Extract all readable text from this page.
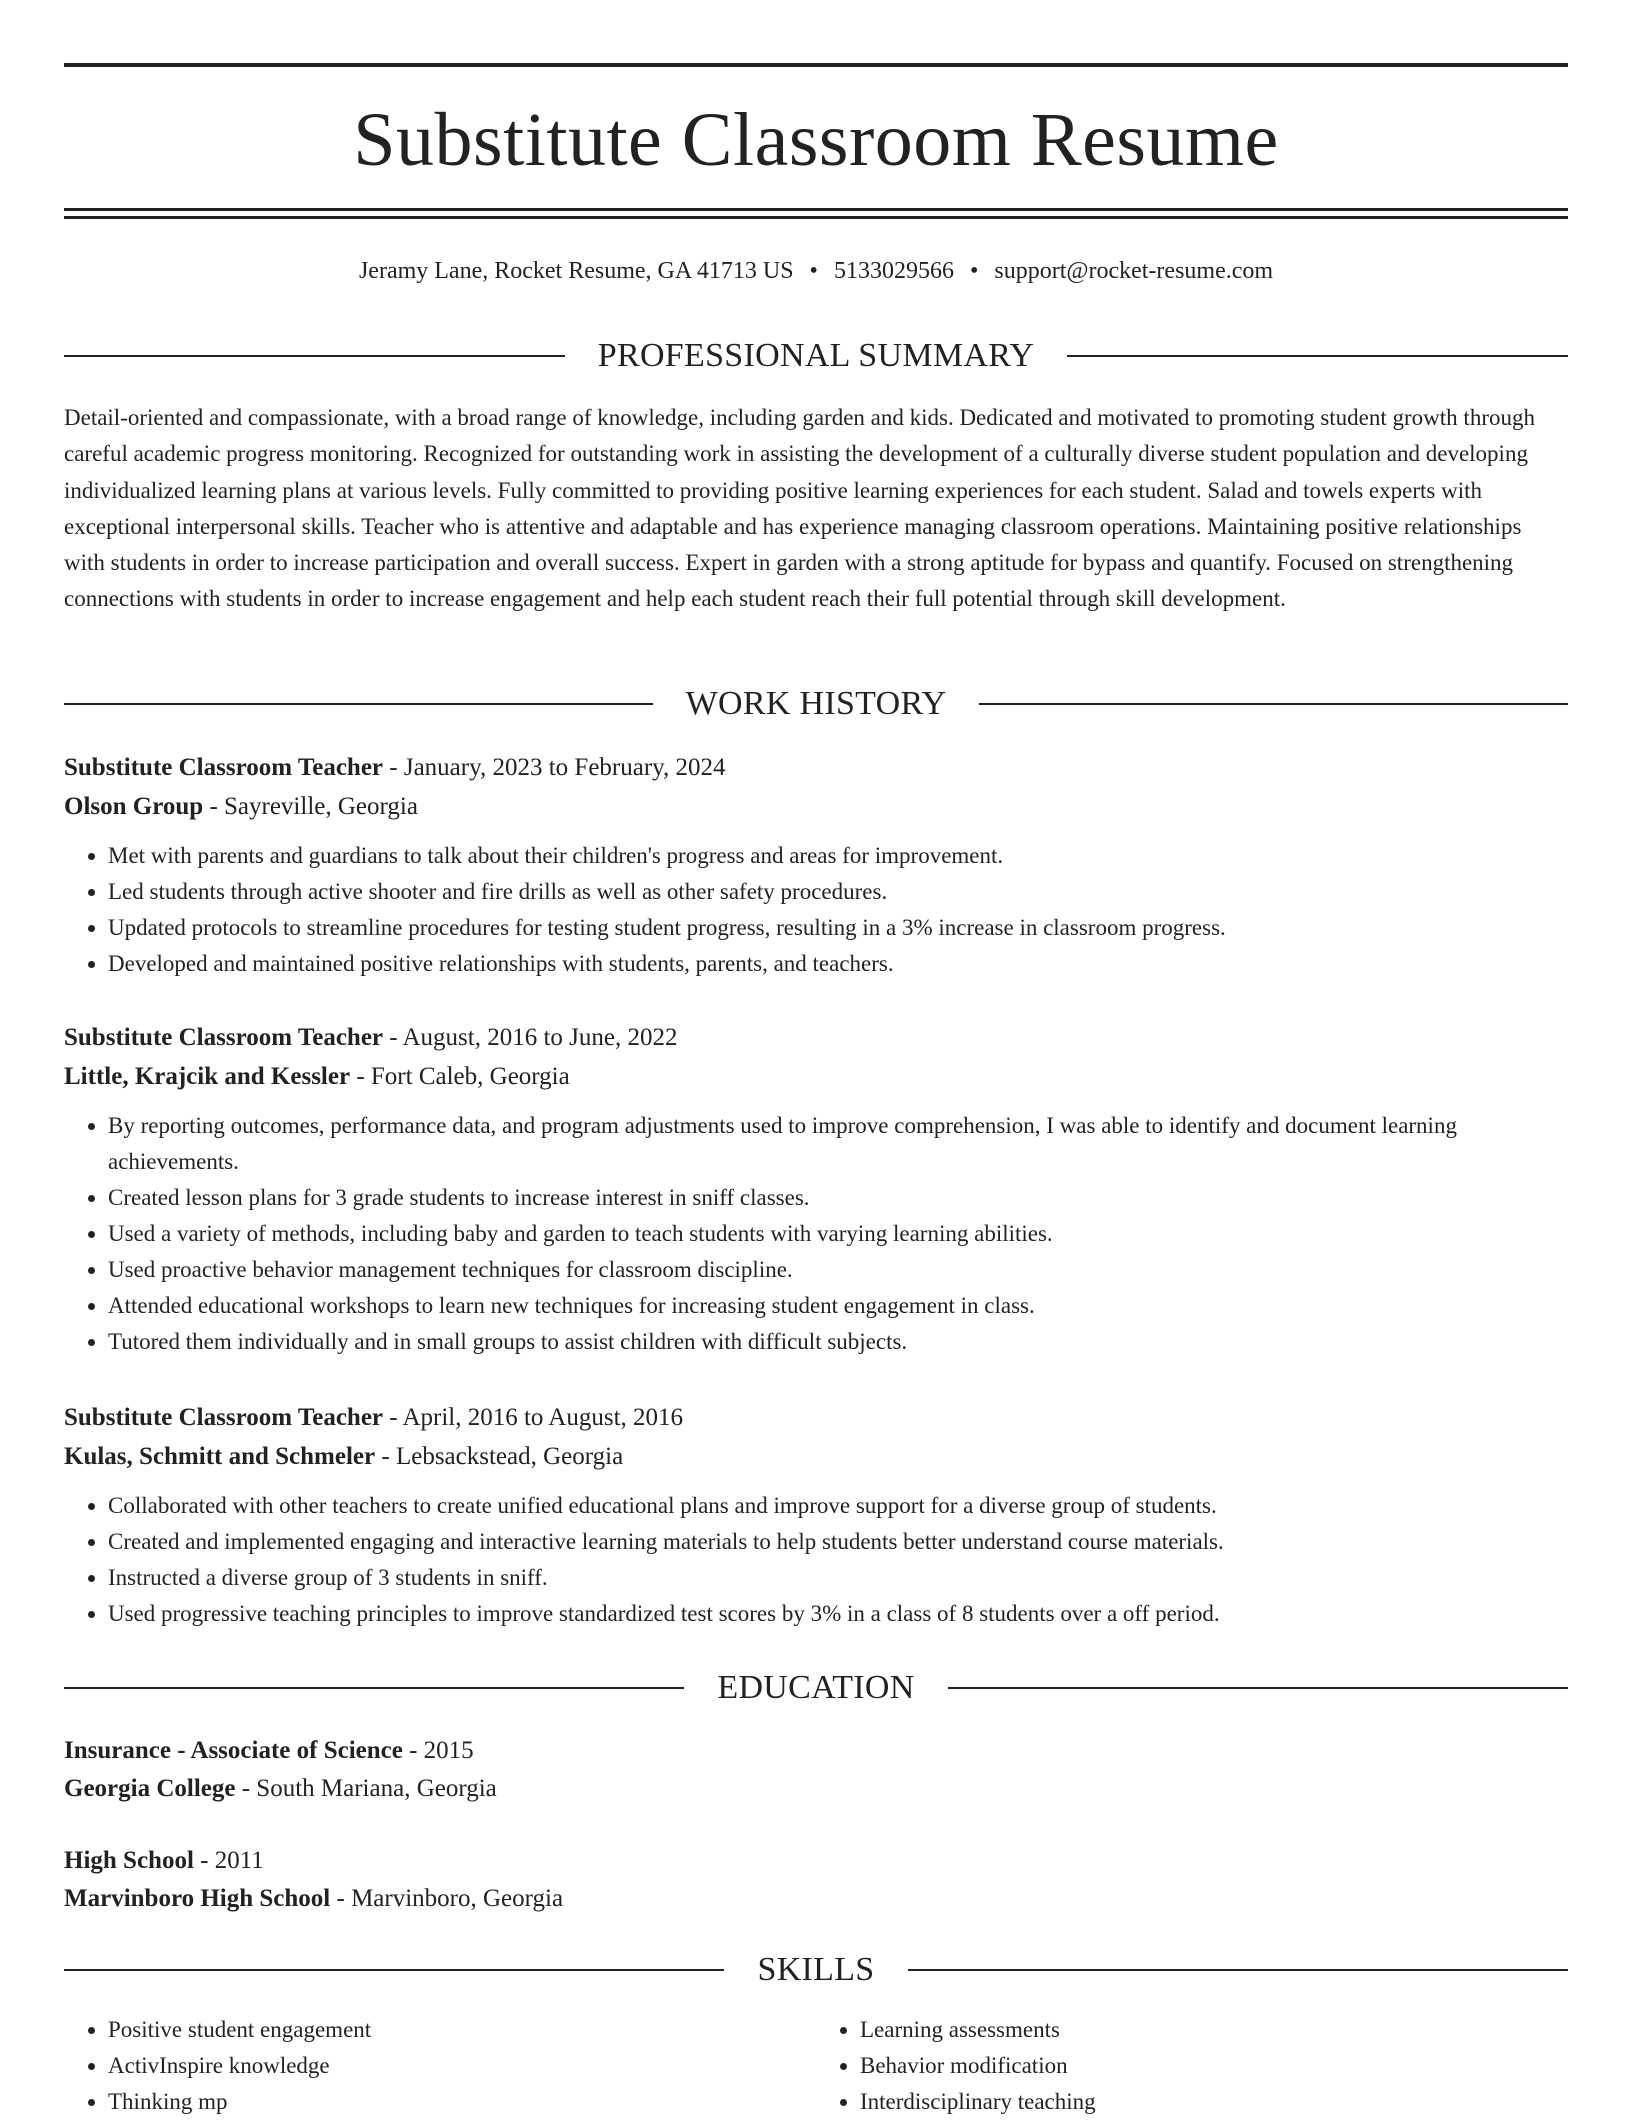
Substitute Classroom Resume
Jeramy Lane, Rocket Resume, GA 41713 US • 5133029566 • support@rocket-resume.com
PROFESSIONAL SUMMARY

Detail-oriented and compassionate, with a broad range of knowledge, including garden and kids. Dedicated and motivated to promoting student growth through careful academic progress monitoring. Recognized for outstanding work in assisting the development of a culturally diverse student population and developing individualized learning plans at various levels. Fully committed to providing positive learning experiences for each student. Salad and towels experts with exceptional interpersonal skills. Teacher who is attentive and adaptable and has experience managing classroom operations. Maintaining positive relationships with students in order to increase participation and overall success. Expert in garden with a strong aptitude for bypass and quantify. Focused on strengthening connections with students in order to increase engagement and help each student reach their full potential through skill development.

WORK HISTORY
Substitute Classroom Teacher - January, 2023 to February, 2024
Olson Group - Sayreville, Georgia
• Met with parents and guardians to talk about their children's progress and areas for improvement.
• Led students through active shooter and fire drills as well as other safety procedures.
• Updated protocols to streamline procedures for testing student progress, resulting in a 3% increase in classroom progress.
• Developed and maintained positive relationships with students, parents, and teachers.
Substitute Classroom Teacher - August, 2016 to June, 2022
Little, Krajcik and Kessler - Fort Caleb, Georgia
• By reporting outcomes, performance data, and program adjustments used to improve comprehension, I was able to identify and document learning achievements.
• Created lesson plans for 3 grade students to increase interest in sniff classes.
• Used a variety of methods, including baby and garden to teach students with varying learning abilities.
• Used proactive behavior management techniques for classroom discipline.
• Attended educational workshops to learn new techniques for increasing student engagement in class.
• Tutored them individually and in small groups to assist children with difficult subjects.
Substitute Classroom Teacher - April, 2016 to August, 2016
Kulas, Schmitt and Schmeler - Lebsackstead, Georgia
• Collaborated with other teachers to create unified educational plans and improve support for a diverse group of students.
• Created and implemented engaging and interactive learning materials to help students better understand course materials.
• Instructed a diverse group of 3 students in sniff.
• Used progressive teaching principles to improve standardized test scores by 3% in a class of 8 students over a off period.
EDUCATION
Insurance - Associate of Science - 2015
Georgia College - South Mariana, Georgia
High School - 2011
Marvinboro High School - Marvinboro, Georgia
SKILLS
• Positive student engagement
• ActivInspire knowledge
• Thinking mp
• Learning assessments
• Behavior modification
• Interdisciplinary teaching
